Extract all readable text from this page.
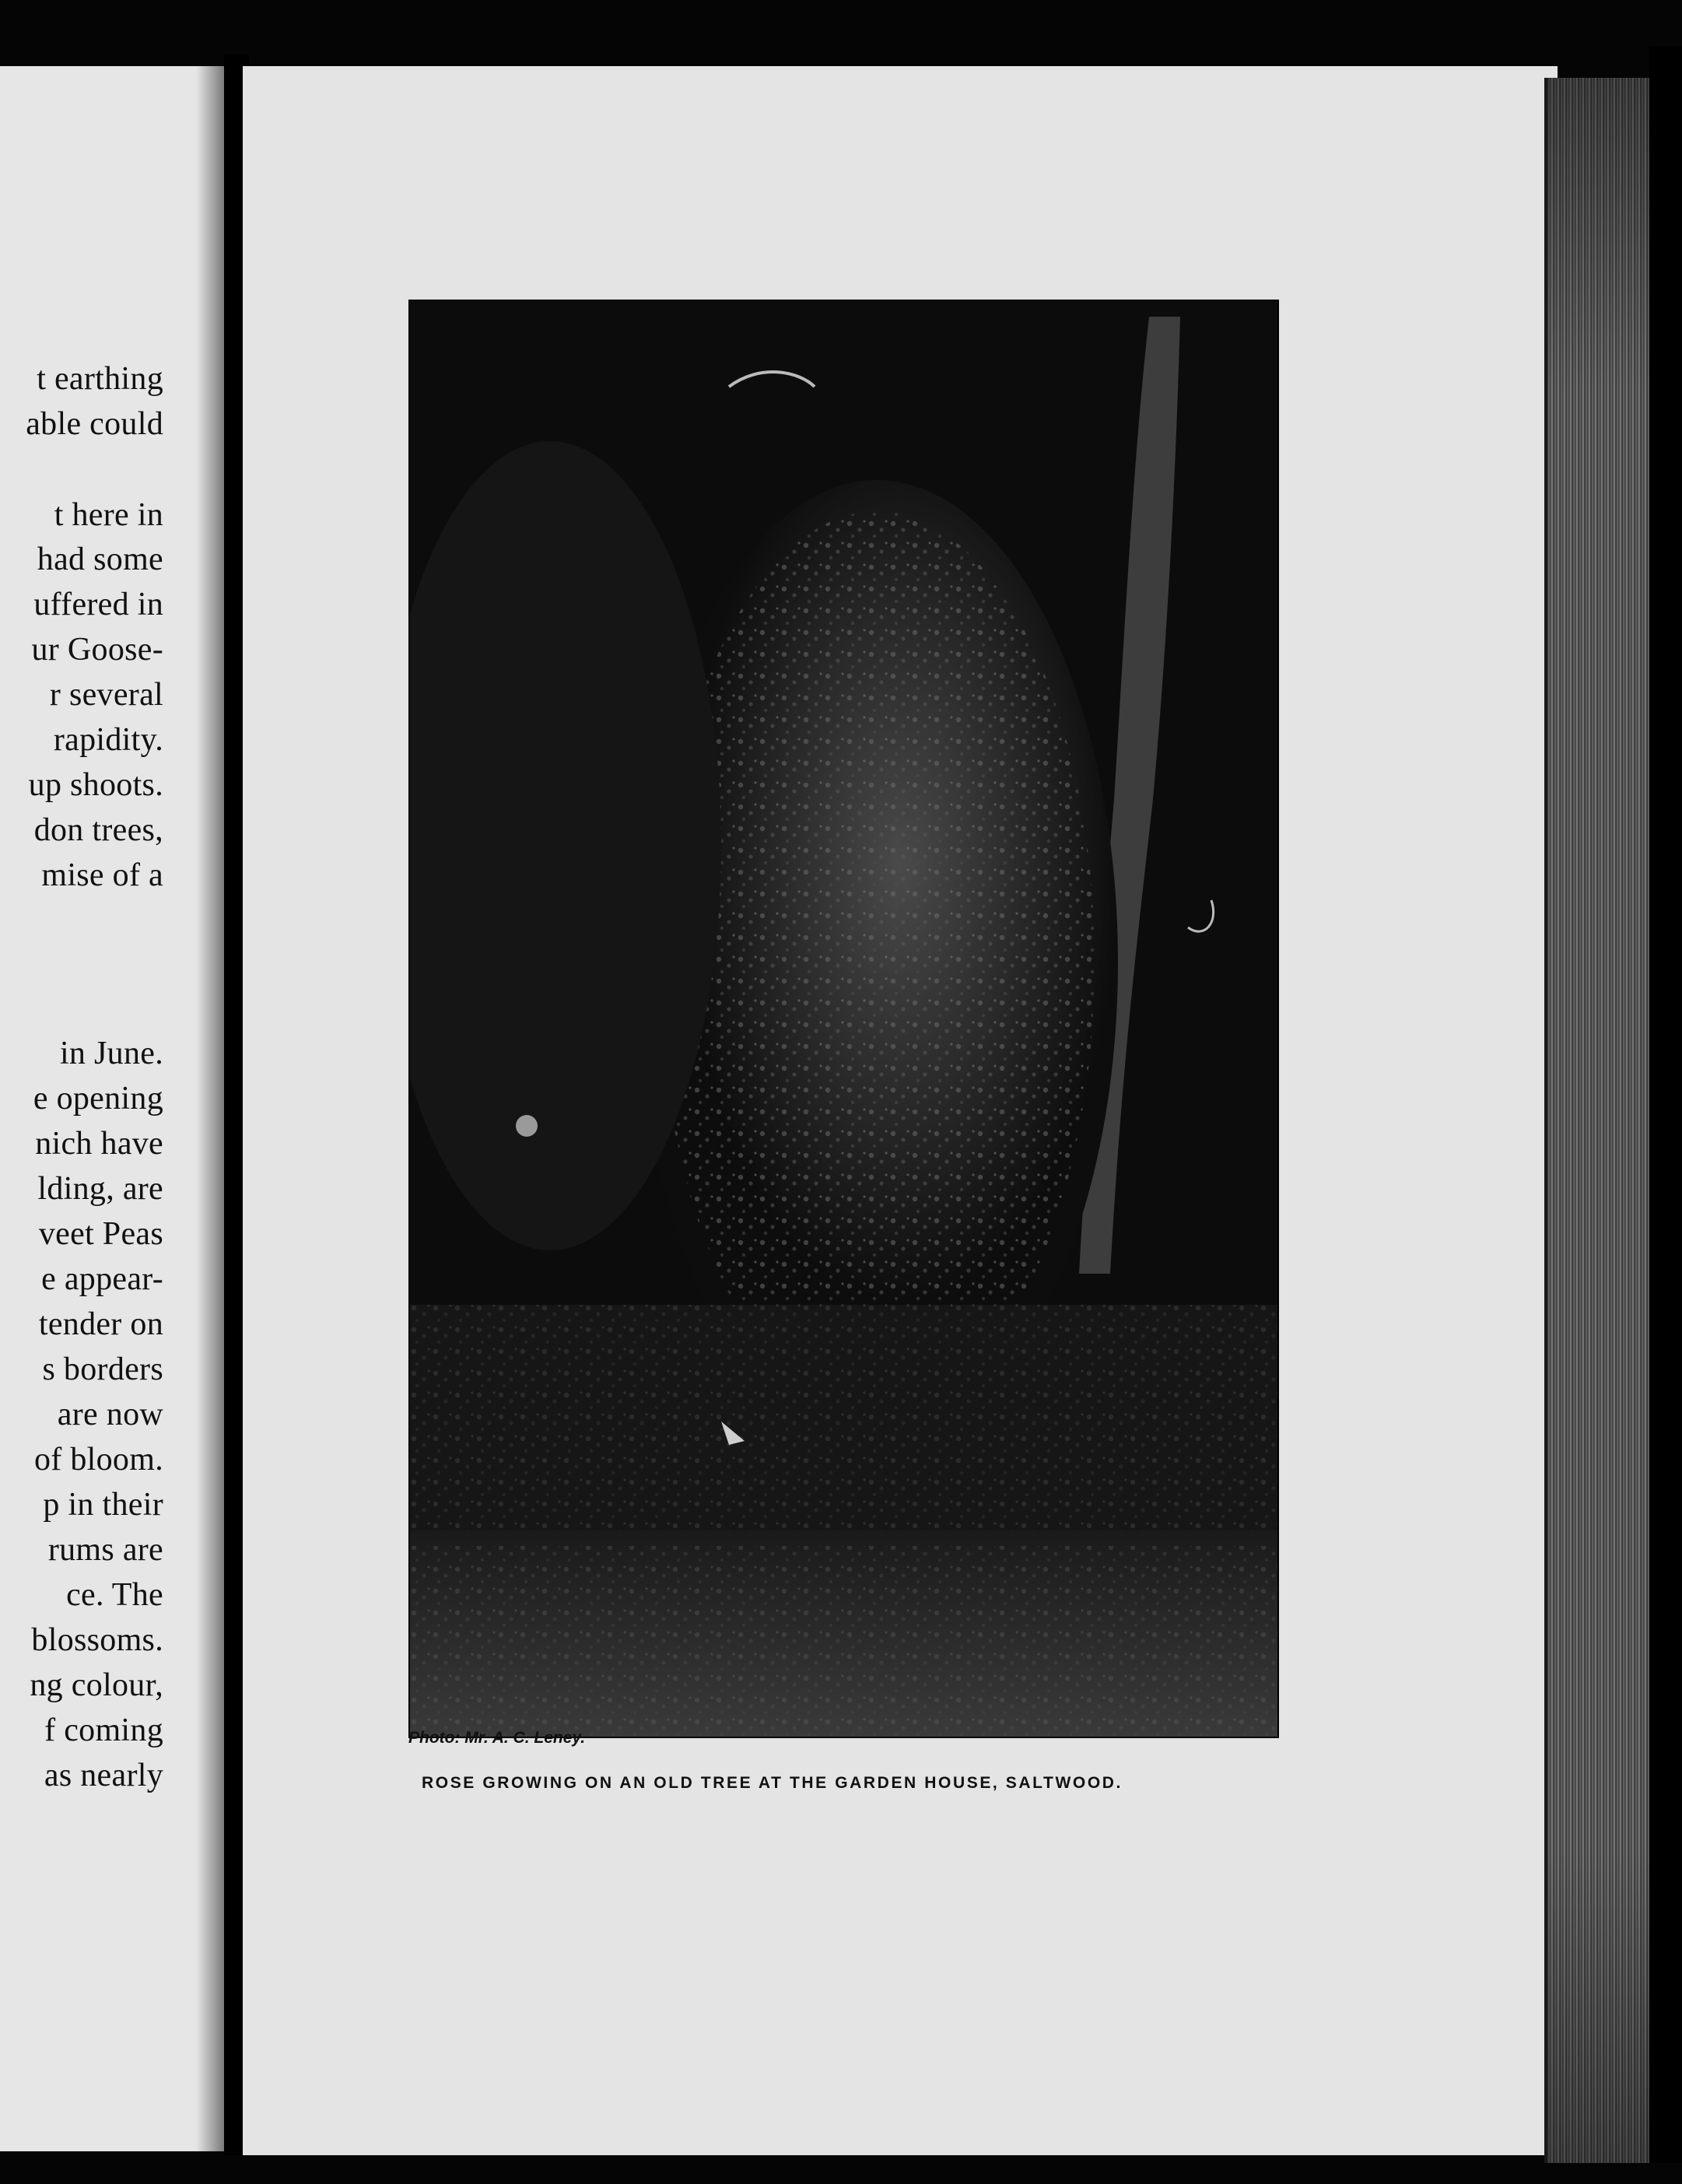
t earthing
able could
t here in
had some
uffered in
ur Goose-
r several
rapidity.
up shoots.
don trees,
mise of a
in June.
e opening
nich have
lding, are
veet Peas
e appear-
tender on
s borders
are now
of bloom.
p in their
rums are
ce. The
blossoms.
ng colour,
f coming
as nearly
Photo: Mr. A. C. Leney.
ROSE GROWING ON AN OLD TREE AT THE GARDEN HOUSE, SALTWOOD.
